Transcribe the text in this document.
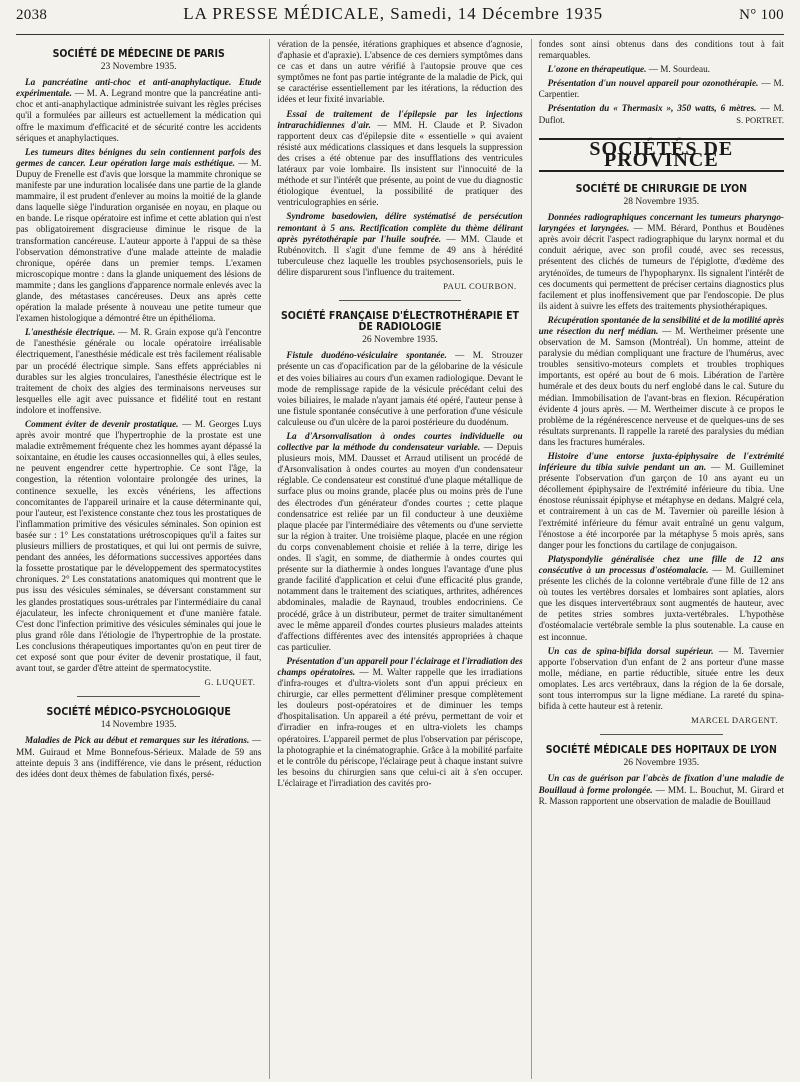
2038	LA PRESSE MÉDICALE, Samedi, 14 Décembre 1935	N° 100
SOCIÉTÉ DE MÉDECINE DE PARIS
23 Novembre 1935.

La pancréatine anti-choc et anti-anaphylactique. Etude expérimentale. — M. A. Legrand montre que la pancréatine anti-choc et anti-anaphylactique administrée suivant les règles précises qu'il a formulées par ailleurs est actuellement la médication qui offre le maximum d'efficacité et de sécurité contre les accidents sériques et anaphylactiques.

Les tumeurs dites bénignes du sein contiennent parfois des germes de cancer. Leur opération large mais esthétique. — M. Dupuy de Frenelle est d'avis que lorsque la mammite chronique se manifeste par une induration localisée dans une partie de la glande mammaire, il est prudent d'enlever au moins la moitié de la glande dans laquelle siège l'induration organisée en noyau, en plaque ou en bande. Le risque opératoire est infime et cette ablation qui n'est pas obligatoirement disgracieuse diminue le risque de la transformation cancéreuse. L'auteur apporte à l'appui de sa thèse l'observation démonstrative d'une malade atteinte de maladie chronique, opérée dans un premier temps. L'examen microscopique montre : dans la glande uniquement des lésions de mammite ; dans les ganglions d'apparence normale enlevés avec la glande, des métastases cancéreuses. Deux ans après cette opération la malade présente à nouveau une petite tumeur que l'examen histologique a démontré être un épithélioma.

L'anesthésie électrique. — M. R. Grain expose qu'à l'encontre de l'anesthésie générale ou locale opératoire irréalisable électriquement, l'anesthésie médicale est très facilement réalisable par un procédé électrique simple. Sans effets appréciables ni durables sur les algies tronculaires, l'anesthésie électrique est le traitement de choix des algies des terminaisons nerveuses sur lesquelles elle agit avec puissance et fidélité tout en restant indolore et inoffensive.

Comment éviter de devenir prostatique. — M. Georges Luys après avoir montré que l'hypertrophie de la prostate est une maladie extrêmement fréquente chez les hommes ayant dépassé la soixantaine, en étudie les causes occasionnelles qui, à elles seules, ne peuvent engendrer cette hypertrophie. Ce sont l'âge, la congestion, la rétention volontaire prolongée des urines, la continence sexuelle, les excès vénériens, les affections concomitantes de l'appareil urinaire et la cause déterminante qui, pour l'auteur, est l'existence constante chez tous les prostatiques de l'inflammation primitive des vésicules séminales. Son opinion est basée sur : 1° Les constatations urétroscopiques qu'il a faites sur plusieurs milliers de prostatiques, et qui lui ont permis de suivre, pendant des années, les déformations successives apportées dans la fossette prostatique par le développement des spermatocystites chroniques. 2° Les constatations anatomiques qui montrent que le pus issu des vésicules séminales, se déversant constamment sur les glandes prostatiques sous-urétrales par l'intermédiaire du canal éjaculateur, les infecte chroniquement et d'une manière fatale. C'est donc l'infection primitive des vésicules séminales qui joue le plus grand rôle dans l'étiologie de l'hypertrophie de la prostate. Les conclusions thérapeutiques importantes qu'on en peut tirer de cet exposé sont que pour éviter de devenir prostatique, il faut, avant tout, se garder d'être atteint de spermatocystite.

G. LUQUET.
SOCIÉTÉ MÉDICO-PSYCHOLOGIQUE
14 Novembre 1935.

Maladies de Pick au début et remarques sur les itérations. — MM. Guiraud et Mme Bonnefous-Sérieux. Malade de 59 ans atteinte depuis 3 ans (indifférence, vie dans le présent, réduction des idées dont deux thèmes de fabulation fixés, persé-

vération de la pensée, itérations graphiques et absence d'agnosie, d'aphasie et d'apraxie). L'absence de ces derniers symptômes dans ce cas et dans un autre vérifié à l'autopsie prouve que ces symptômes ne font pas partie intégrante de la maladie de Pick, qui se caractérise essentiellement par les itérations, la réduction des idées et leur fixité invariable.

Essai de traitement de l'épilepsie par les injections intrarachidiennes d'air. — MM. H. Claude et P. Sivadon rapportent deux cas d'épilepsie dite « essentielle » qui avaient résisté aux médications classiques et dans lesquels la suppression des crises a été obtenue par des insufflations des ventricules latéraux par voie lombaire. Ils insistent sur l'innocuité de la méthode et sur l'intérêt que présente, au point de vue du diagnostic étiologique éventuel, la possibilité de pratiquer des ventriculographies en série.

Syndrome basedowien, délire systématisé de persécution remontant à 5 ans. Rectification complète du thème délirant après pyrétothérapie par l'huile soufrée. — MM. Claude et Rubénovitch. Il s'agit d'une femme de 49 ans à hérédité tuberculeuse chez laquelle les troubles psychosensoriels, puis le délire disparurent sous l'influence du traitement.

PAUL COURBON.
SOCIÉTÉ FRANÇAISE D'ÉLECTROTHÉRAPIE ET DE RADIOLOGIE
26 Novembre 1935.

Fistule duodéno-vésiculaire spontanée. — M. Strouzer présente un cas d'opacification par de la gélobarine de la vésicule et des voies biliaires au cours d'un examen radiologique. Devant le mode de remplissage rapide de la vésicule précédant celui des voies biliaires, le malade n'ayant jamais été opéré, l'auteur pense à une fistule spontanée consécutive à une perforation d'une vésicule calculeuse ou d'un ulcère de la paroi postérieure du duodénum.

La d'Arsonvalisation à ondes courtes individuelle ou collective par la méthode du condensateur variable. — Depuis plusieurs mois, MM. Dausset et Arraud utilisent un procédé de d'Arsonvalisation à ondes courtes au moyen d'un condensateur réglable. Ce condensateur est constitué d'une plaque métallique de surface plus ou moins grande, placée plus ou moins près de l'une des électrodes d'un générateur d'ondes courtes ; cette plaque condensatrice est reliée par un fil conducteur à une deuxième plaque placée par l'intermédiaire des vêtements ou d'une serviette sur la région à traiter. Une troisième plaque, placée en une région du corps convenablement choisie et reliée à la terre, dirige les ondes. Il s'agit, en somme, de diathermie à ondes courtes qui présente sur la diathermie à ondes longues l'avantage d'une plus grande facilité d'application et celui d'une efficacité plus grande, notamment dans le traitement des sciatiques, arthrites, adhérences abdominales, maladie de Raynaud, troubles endocriniens. Ce procédé, grâce à un distributeur, permet de traiter simultanément avec le même appareil d'ondes courtes plusieurs malades atteints d'affections différentes avec des intensités appropriées à chaque cas particulier.

Présentation d'un appareil pour l'éclairage et l'irradiation des champs opératoires. — M. Walter rappelle que les irradiations d'infra-rouges et d'ultra-violets sont d'un appui précieux en chirurgie, car elles permettent d'éliminer presque complètement les douleurs post-opératoires et de diminuer les temps d'hospitalisation. Un appareil a été prévu, permettant de voir et d'irradier en infra-rouges et en ultra-violets les champs opératoires. L'appareil permet de plus l'observation par périscope, la photographie et la cinématographie. Grâce à la mobilité parfaite et le contrôle du périscope, l'éclairage peut à chaque instant suivre les besoins du chirurgien sans que celui-ci ait à s'en occuper. L'éclairage et l'irradiation des cavités pro-

fondes sont ainsi obtenus dans des conditions tout à fait remarquables.

L'ozone en thérapeutique. — M. Sourdeau.

Présentation d'un nouvel appareil pour ozonothérapie. — M. Carpentier.

Présentation du « Thermasix », 350 watts, 6 mètres. — M. Duflot.	S. PORTRET.

SOCIÉTÉS DE PROVINCE
SOCIÉTÉ DE CHIRURGIE DE LYON
28 Novembre 1935.

Données radiographiques concernant les tumeurs pharyngo-laryngées et laryngées. — MM. Bérard, Ponthus et Boudènes après avoir décrit l'aspect radiographique du larynx normal et du conduit aérique, avec son profil coudé, avec ses recessus, présentent des clichés de tumeurs de l'épiglotte, d'œdème des aryténoïdes, de tumeurs de l'hypopharynx. Ils signalent l'intérêt de ces documents qui permettent de préciser certains diagnostics plus facilement et plus inoffensivement que par l'endoscopie. De plus ils aident à suivre les effets des traitements physiothérapiques.

Récupération spontanée de la sensibilité et de la motilité après une résection du nerf médian. — M. Wertheimer présente une observation de M. Samson (Montréal). Un homme, atteint de paralysie du médian compliquant une fracture de l'humérus, avec troubles sensitivo-moteurs complets et troubles trophiques importants, est opéré au bout de 6 mois. Libération de l'artère humérale et des deux bouts du nerf englobé dans le cal. Suture du médian. Immobilisation de l'avant-bras en flexion. Récupération évidente 4 jours après. — M. Wertheimer discute à ce propos le problème de la régénérescence nerveuse et de quelques-uns de ses résultats surprenants. Il rappelle la rareté des paralysies du médian dans les fractures humérales.

Histoire d'une entorse juxta-épiphysaire de l'extrémité inférieure du tibia suivie pendant un an. — M. Guilleminet présente l'observation d'un garçon de 10 ans ayant eu un décollement épiphysaire de l'extrémité inférieure du tibia. Une énostose réunissait épiphyse et métaphyse en dedans. Malgré cela, et contrairement à un cas de M. Tavernier où pareille lésion à l'extrémité inférieure du fémur avait entraîné un genu valgum, l'énostose a été incorporée par la métaphyse 5 mois après, sans danger pour les fonctions du cartilage de conjugaison.

Platyspondylie généralisée chez une fille de 12 ans consécutive à un processus d'ostéomalacie. — M. Guilleminet présente les clichés de la colonne vertébrale d'une fille de 12 ans où toutes les vertèbres dorsales et lombaires sont aplaties, alors que les disques intervertébraux sont augmentés de hauteur, avec de petites stries sombres juxta-vertébrales. L'hypothèse d'ostéomalacie vertébrale semble la plus soutenable. La cause en est inconnue.

Un cas de spina-bifida dorsal supérieur. — M. Tavernier apporte l'observation d'un enfant de 2 ans porteur d'une masse molle, médiane, en partie réductible, située entre les deux omoplates. Les arcs vertébraux, dans la région de la 6e dorsale, sont tous interrompus sur la ligne médiane. La rareté du spina-bifida à cette hauteur est à retenir.

MARCEL DARGENT.
SOCIÉTÉ MÉDICALE DES HOPITAUX DE LYON
26 Novembre 1935.

Un cas de guérison par l'abcès de fixation d'une maladie de Bouillaud à forme prolongée. — MM. L. Bouchut, M. Girard et R. Masson rapportent une observation de maladie de Bouillaud
